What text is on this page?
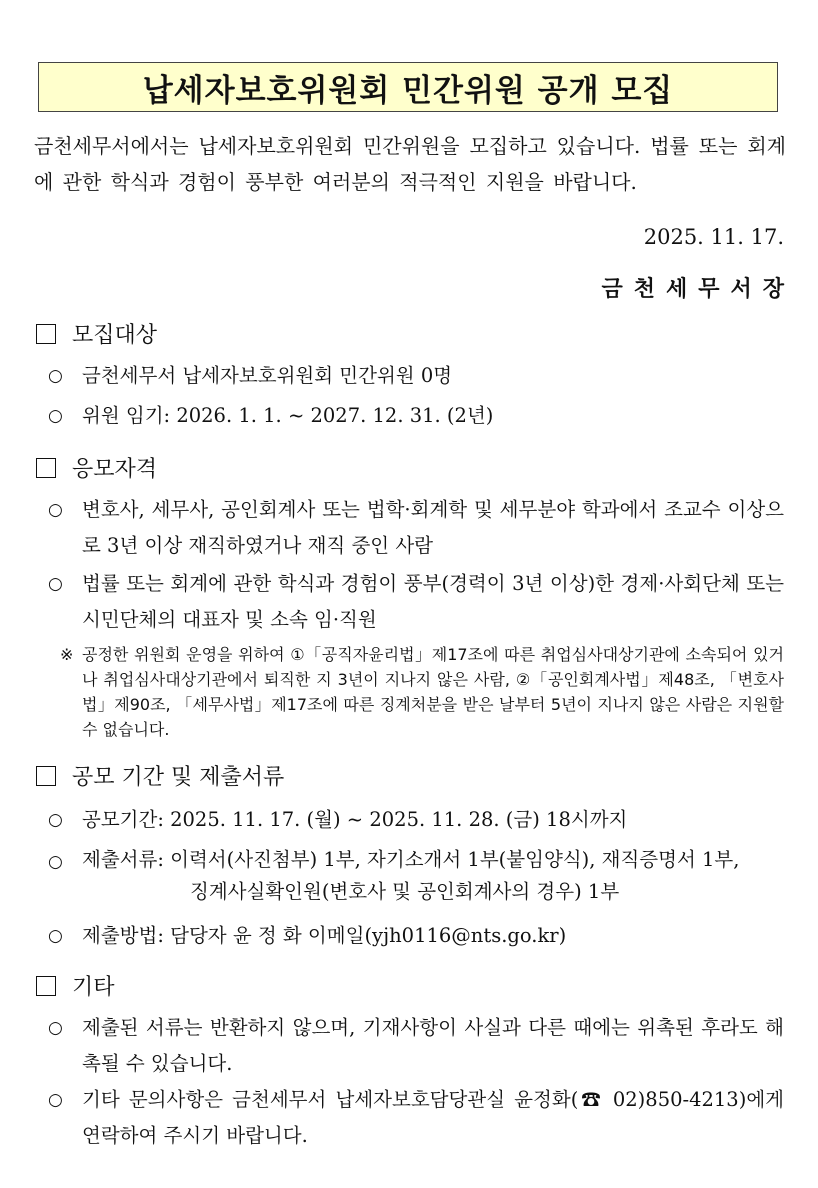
납세자보호위원회 민간위원 공개 모집
금천세무서에서는 납세자보호위원회 민간위원을 모집하고 있습니다. 법률 또는 회계에 관한 학식과 경험이 풍부한 여러분의 적극적인 지원을 바랍니다.
2025. 11. 17.
금천세무서장
모집대상
○ 금천세무서 납세자보호위원회 민간위원 0명
○ 위원 임기: 2026. 1. 1. ~ 2027. 12. 31. (2년)
응모자격
○ 변호사, 세무사, 공인회계사 또는 법학·회계학 및 세무분야 학과에서 조교수 이상으로 3년 이상 재직하였거나 재직 중인 사람
○ 법률 또는 회계에 관한 학식과 경험이 풍부(경력이 3년 이상)한 경제·사회단체 또는 시민단체의 대표자 및 소속 임·직원
※ 공정한 위원회 운영을 위하여 ①「공직자윤리법」제17조에 따른 취업심사대상기관에 소속되어 있거나 취업심사대상기관에서 퇴직한 지 3년이 지나지 않은 사람, ②「공인회계사법」제48조, 「변호사법」제90조, 「세무사법」제17조에 따른 징계처분을 받은 날부터 5년이 지나지 않은 사람은 지원할 수 없습니다.
공모 기간 및 제출서류
○ 공모기간: 2025. 11. 17. (월) ~ 2025. 11. 28. (금) 18시까지
○ 제출서류: 이력서(사진첨부) 1부, 자기소개서 1부(붙임양식), 재직증명서 1부,
징계사실확인원(변호사 및 공인회계사의 경우) 1부
○ 제출방법: 담당자 윤 정 화 이메일(yjh0116@nts.go.kr)
기타
○ 제출된 서류는 반환하지 않으며, 기재사항이 사실과 다른 때에는 위촉된 후라도 해촉될 수 있습니다.
○ 기타 문의사항은 금천세무서 납세자보호담당관실 윤정화(☎ 02)850-4213)에게 연락하여 주시기 바랍니다.
